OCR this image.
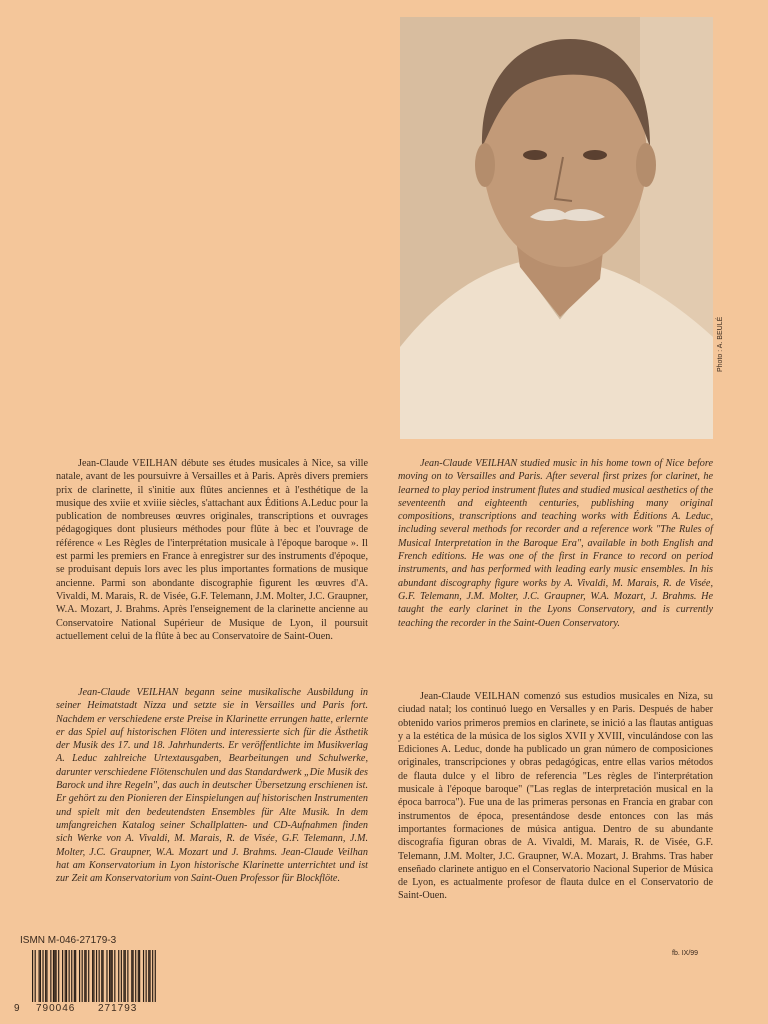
Photo : A. BEULÉ

Jean-Claude VEILHAN débute ses études musicales à Nice, sa ville natale, avant de les poursuivre à Versailles et à Paris. Après divers premiers prix de clarinette, il s'initie aux flûtes anciennes et à l'esthétique de la musique des xviie et xviiie siècles, s'attachant aux Éditions A.Leduc pour la publication de nombreuses œuvres originales, transcriptions et ouvrages pédagogiques dont plusieurs méthodes pour flûte à bec et l'ouvrage de référence « Les Règles de l'interprétation musicale à l'époque baroque ». Il est parmi les premiers en France à enregistrer sur des instruments d'époque, se produisant depuis lors avec les plus importantes formations de musique ancienne. Parmi son abondante discographie figurent les œuvres d'A. Vivaldi, M. Marais, R. de Visée, G.F. Telemann, J.M. Molter, J.C. Graupner, W.A. Mozart, J. Brahms. Après l'enseignement de la clarinette ancienne au Conservatoire National Supérieur de Musique de Lyon, il poursuit actuellement celui de la flûte à bec au Conservatoire de Saint-Ouen.

Jean-Claude VEILHAN studied music in his home town of Nice before moving on to Versailles and Paris. After several first prizes for clarinet, he learned to play period instrument flutes and studied musical aesthetics of the seventeenth and eighteenth centuries, publishing many original compositions, transcriptions and teaching works with Éditions A. Leduc, including several methods for recorder and a reference work "The Rules of Musical Interpretation in the Baroque Era", available in both English and French editions. He was one of the first in France to record on period instruments, and has performed with leading early music ensembles. In his abundant discography figure works by A. Vivaldi, M. Marais, R. de Visée, G.F. Telemann, J.M. Molter, J.C. Graupner, W.A. Mozart, J. Brahms. He taught the early clarinet in the Lyons Conservatory, and is currently teaching the recorder in the Saint-Ouen Conservatory.

Jean-Claude VEILHAN begann seine musikalische Ausbildung in seiner Heimatstadt Nizza und setzte sie in Versailles und Paris fort. Nachdem er verschiedene erste Preise in Klarinette errungen hatte, erlernte er das Spiel auf historischen Flöten und interessierte sich für die Ästhetik der Musik des 17. und 18. Jahrhunderts. Er veröffentlichte im Musikverlag A. Leduc zahlreiche Urtextausgaben, Bearbeitungen und Schulwerke, darunter verschiedene Flötenschulen und das Standardwerk „Die Musik des Barock und ihre Regeln", das auch in deutscher Übersetzung erschienen ist. Er gehört zu den Pionieren der Einspielungen auf historischen Instrumenten und spielt mit den bedeutendsten Ensembles für Alte Musik. In dem umfangreichen Katalog seiner Schallplatten- und CD-Aufnahmen finden sich Werke von A. Vivaldi, M. Marais, R. de Visée, G.F. Telemann, J.M. Molter, J.C. Graupner, W.A. Mozart und J. Brahms. Jean-Claude Veilhan hat am Konservatorium in Lyon historische Klarinette unterrichtet und ist zur Zeit am Konservatorium von Saint-Ouen Professor für Blockflöte.

Jean-Claude VEILHAN comenzó sus estudios musicales en Niza, su ciudad natal; los continuó luego en Versalles y en Paris. Después de haber obtenido varios primeros premios en clarinete, se inició a las flautas antiguas y a la estética de la música de los siglos XVII y XVIII, vinculándose con las Ediciones A. Leduc, donde ha publicado un gran número de composiciones originales, transcripciones y obras pedagógicas, entre ellas varios métodos de flauta dulce y el libro de referencia "Les règles de l'interprétation musicale à l'époque baroque" ("Las reglas de interpretación musical en la época barroca"). Fue una de las primeras personas en Francia en grabar con instrumentos de época, presentándose desde entonces con las más importantes formaciones de música antigua. Dentro de su abundante discografía figuran obras de A. Vivaldi, M. Marais, R. de Visée, G.F. Telemann, J.M. Molter, J.C. Graupner, W.A. Mozart, J. Brahms. Tras haber enseñado clarinete antiguo en el Conservatorio Nacional Superior de Música de Lyon, es actualmente profesor de flauta dulce en el Conservatorio de Saint-Ouen.

ISMN M-046-27179-3
fb. IX/99
9 790046 271793
